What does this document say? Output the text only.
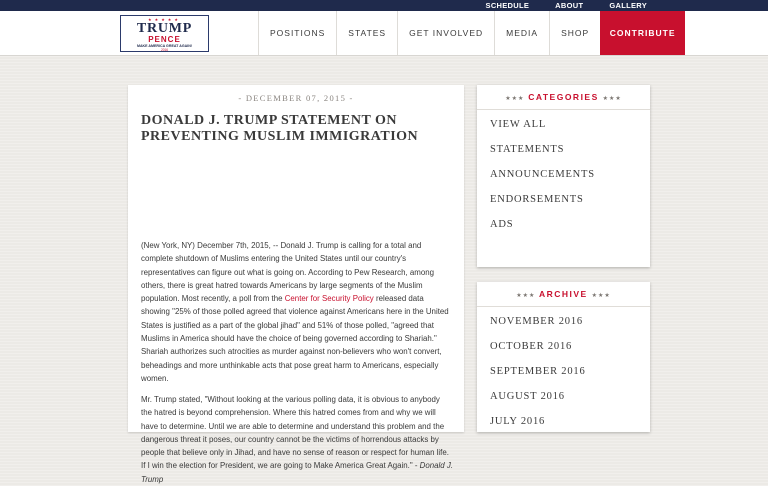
SCHEDULE	ABOUT	GALLERY
★★★★★
TRUMP
PENCE
MAKE AMERICA GREAT AGAIN!
2016
POSITIONS	STATES	GET INVOLVED	MEDIA	SHOP	CONTRIBUTE
- DECEMBER 07, 2015 -
DONALD J. TRUMP STATEMENT ON PREVENTING MUSLIM IMMIGRATION

(New York, NY) December 7th, 2015, -- Donald J. Trump is calling for a total and complete shutdown of Muslims entering the United States until our country's representatives can figure out what is going on. According to Pew Research, among others, there is great hatred towards Americans by large segments of the Muslim population. Most recently, a poll from the Center for Security Policy released data showing "25% of those polled agreed that violence against Americans here in the United States is justified as a part of the global jihad" and 51% of those polled, "agreed that Muslims in America should have the choice of being governed according to Shariah." Shariah authorizes such atrocities as murder against non-believers who won't convert, beheadings and more unthinkable acts that pose great harm to Americans, especially women.

Mr. Trump stated, "Without looking at the various polling data, it is obvious to anybody the hatred is beyond comprehension. Where this hatred comes from and why we will have to determine. Until we are able to determine and understand this problem and the dangerous threat it poses, our country cannot be the victims of horrendous attacks by people that believe only in Jihad, and have no sense of reason or respect for human life. If I win the election for President, we are going to Make America Great Again." - Donald J. Trump

★★★ CATEGORIES ★★★
VIEW ALL
STATEMENTS
ANNOUNCEMENTS
ENDORSEMENTS
ADS
★★★ ARCHIVE ★★★
NOVEMBER 2016
OCTOBER 2016
SEPTEMBER 2016
AUGUST 2016
JULY 2016
